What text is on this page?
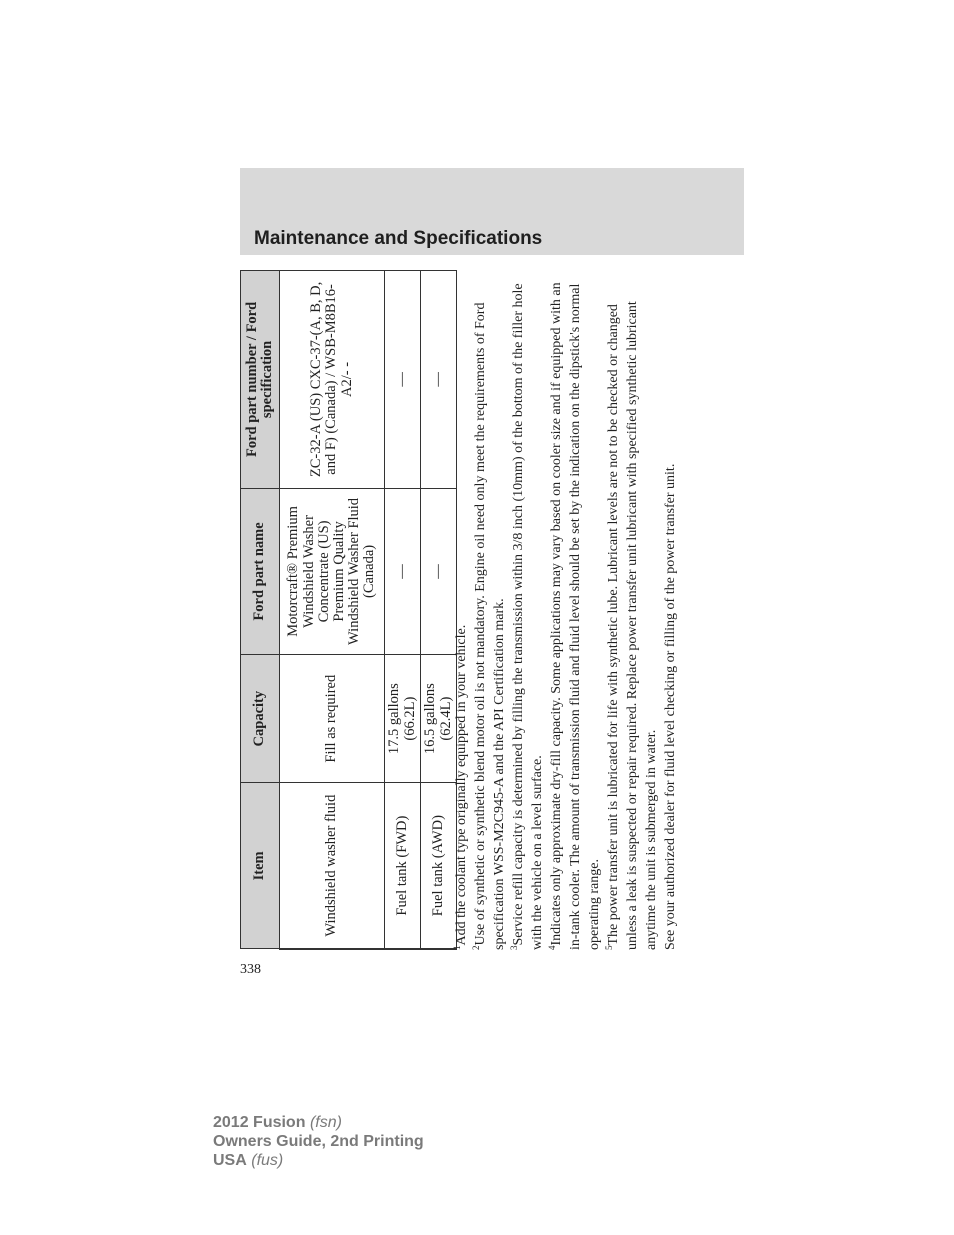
Maintenance and Specifications
Item	Capacity	Ford part name	Ford part number / Ford specification
Windshield washer fluid	Fill as required	Motorcraft® Premium Windshield Washer Concentrate (US) Premium Quality Windshield Washer Fluid (Canada)	ZC-32-A (US) CXC-37-(A, B, D, and F) (Canada) / WSB-M8B16-A2/- -
Fuel tank (FWD)	17.5 gallons (66.2L)	—	—
Fuel tank (AWD)	16.5 gallons (62.4L)	—	—

$^1$Add the coolant type originally equipped in your vehicle.

$^2$Use of synthetic or synthetic blend motor oil is not mandatory. Engine oil need only meet the requirements of Ford specification WSS-M2C945-A and the API Certification mark. $^3$Service refill capacity is determined by filling the transmission within 3/8 inch (10mm) of the bottom of the filler hole with the vehicle on a level surface. $^4$Indicates only approximate dry-fill capacity. Some applications may vary based on cooler size and if equipped with an in-tank cooler. The amount of transmission fluid and fluid level should be set by the indication on the dipstick's normal operating range. $^5$The power transfer unit is lubricated for life with synthetic lube. Lubricant levels are not to be checked or changed unless a leak is suspected or repair required. Replace power transfer unit lubricant with specified synthetic lubricant anytime the unit is submerged in water. See your authorized dealer for fluid level checking or filling of the power transfer unit.

338
2012 Fusion (fsn)
Owners Guide, 2nd Printing
USA (fus)
